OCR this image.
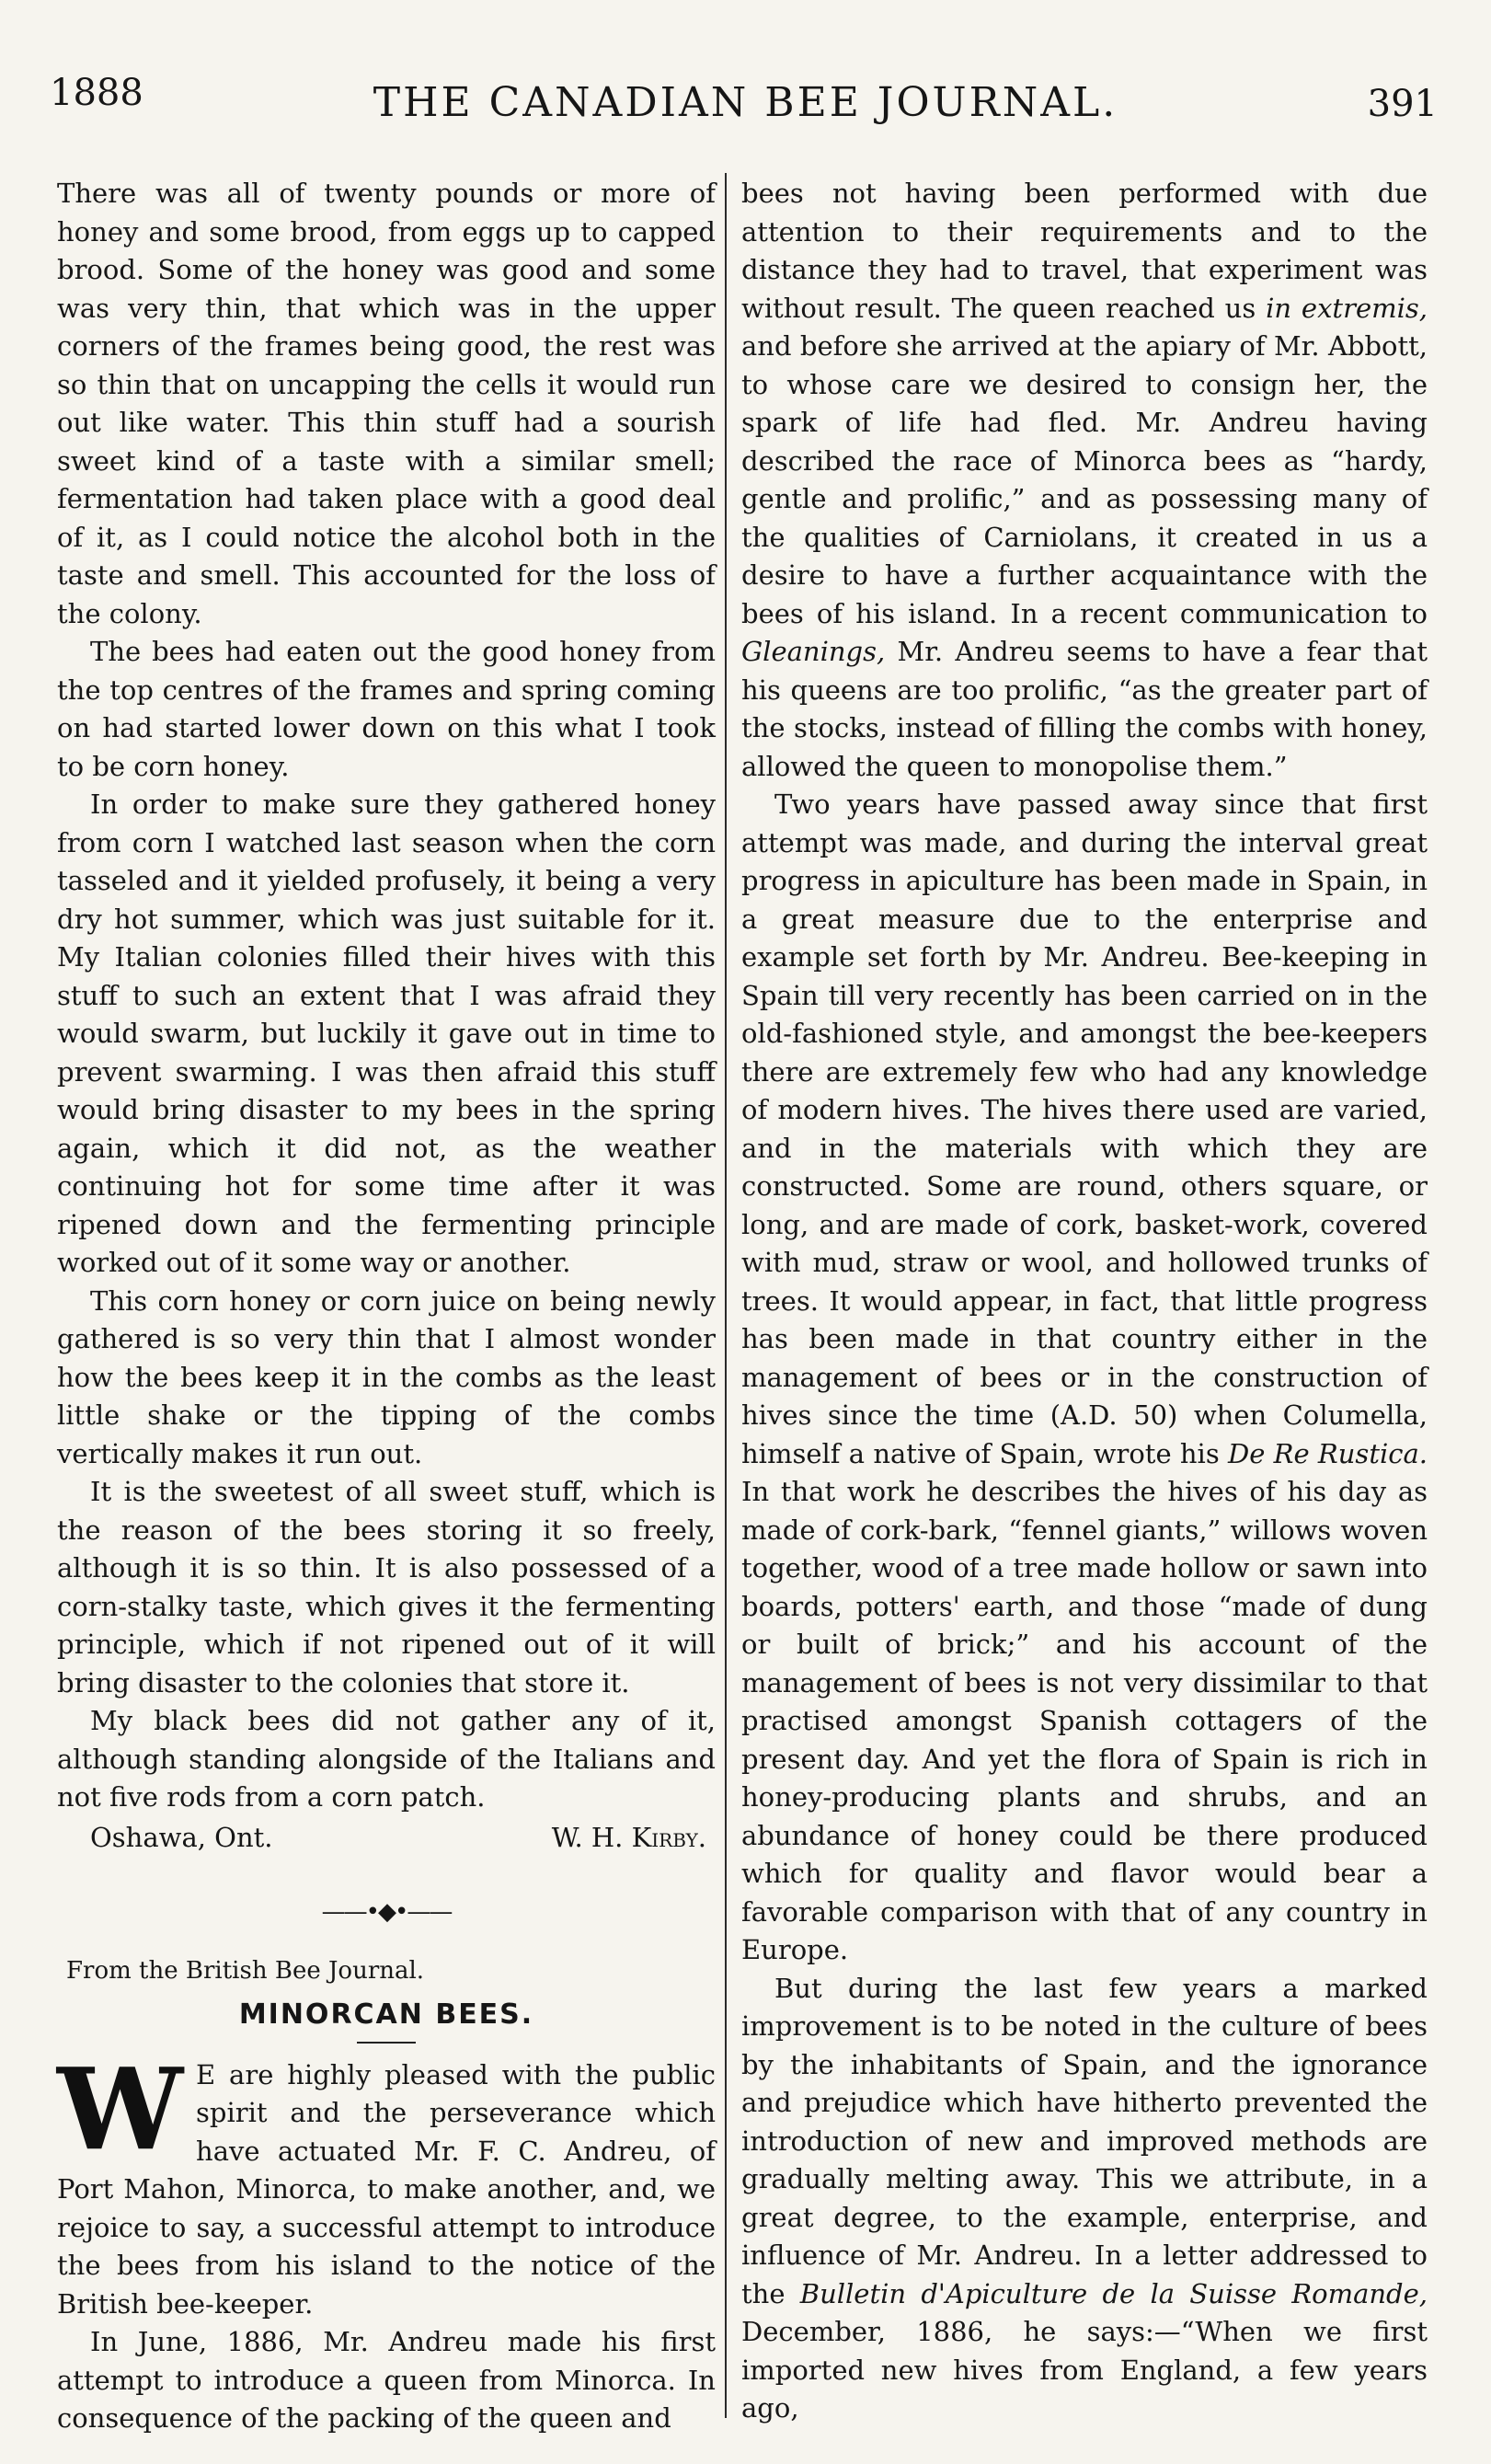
1888	THE CANADIAN BEE JOURNAL.	391

There was all of twenty pounds or more of honey and some brood, from eggs up to capped brood. Some of the honey was good and some was very thin, that which was in the upper corners of the frames being good, the rest was so thin that on uncapping the cells it would run out like water. This thin stuff had a sourish sweet kind of a taste with a similar smell; fermentation had taken place with a good deal of it, as I could notice the alcohol both in the taste and smell. This accounted for the loss of the colony.

The bees had eaten out the good honey from the top centres of the frames and spring coming on had started lower down on this what I took to be corn honey.

In order to make sure they gathered honey from corn I watched last season when the corn tasseled and it yielded profusely, it being a very dry hot summer, which was just suitable for it. My Italian colonies filled their hives with this stuff to such an extent that I was afraid they would swarm, but luckily it gave out in time to prevent swarming. I was then afraid this stuff would bring disaster to my bees in the spring again, which it did not, as the weather continuing hot for some time after it was ripened down and the fermenting principle worked out of it some way or another.

This corn honey or corn juice on being newly gathered is so very thin that I almost wonder how the bees keep it in the combs as the least little shake or the tipping of the combs vertically makes it run out.

It is the sweetest of all sweet stuff, which is the reason of the bees storing it so freely, although it is so thin. It is also possessed of a corn-stalky taste, which gives it the fermenting principle, which if not ripened out of it will bring disaster to the colonies that store it.

My black bees did not gather any of it, although standing alongside of the Italians and not five rods from a corn patch.

Oshawa, Ont.	W. H. Kirby.
——•◆•——
From the British Bee Journal.
MINORCAN BEES.

W E are highly pleased with the public spirit and the perseverance which have actuated Mr. F. C. Andreu, of Port Mahon, Minorca, to make another, and, we rejoice to say, a successful attempt to introduce the bees from his island to the notice of the British bee-keeper.

In June, 1886, Mr. Andreu made his first attempt to introduce a queen from Minorca. In consequence of the packing of the queen and

bees not having been performed with due attention to their requirements and to the distance they had to travel, that experiment was without result. The queen reached us in extremis, and before she arrived at the apiary of Mr. Abbott, to whose care we desired to consign her, the spark of life had fled. Mr. Andreu having described the race of Minorca bees as “hardy, gentle and prolific,” and as possessing many of the qualities of Carniolans, it created in us a desire to have a further acquaintance with the bees of his island. In a recent communication to Gleanings, Mr. Andreu seems to have a fear that his queens are too prolific, “as the greater part of the stocks, instead of filling the combs with honey, allowed the queen to monopolise them.”

Two years have passed away since that first attempt was made, and during the interval great progress in apiculture has been made in Spain, in a great measure due to the enterprise and example set forth by Mr. Andreu. Bee-keeping in Spain till very recently has been carried on in the old-fashioned style, and amongst the bee-keepers there are extremely few who had any knowledge of modern hives. The hives there used are varied, and in the materials with which they are constructed. Some are round, others square, or long, and are made of cork, basket-work, covered with mud, straw or wool, and hollowed trunks of trees. It would appear, in fact, that little progress has been made in that country either in the management of bees or in the construction of hives since the time (A.D. 50) when Columella, himself a native of Spain, wrote his De Re Rustica. In that work he describes the hives of his day as made of cork-bark, “fennel giants,” willows woven together, wood of a tree made hollow or sawn into boards, potters' earth, and those “made of dung or built of brick;” and his account of the management of bees is not very dissimilar to that practised amongst Spanish cottagers of the present day. And yet the flora of Spain is rich in honey-producing plants and shrubs, and an abundance of honey could be there produced which for quality and flavor would bear a favorable comparison with that of any country in Europe.

But during the last few years a marked improvement is to be noted in the culture of bees by the inhabitants of Spain, and the ignorance and prejudice which have hitherto prevented the introduction of new and improved methods are gradually melting away. This we attribute, in a great degree, to the example, enterprise, and influence of Mr. Andreu. In a letter addressed to the Bulletin d'Apiculture de la Suisse Romande, December, 1886, he says:—“When we first imported new hives from England, a few years ago,
